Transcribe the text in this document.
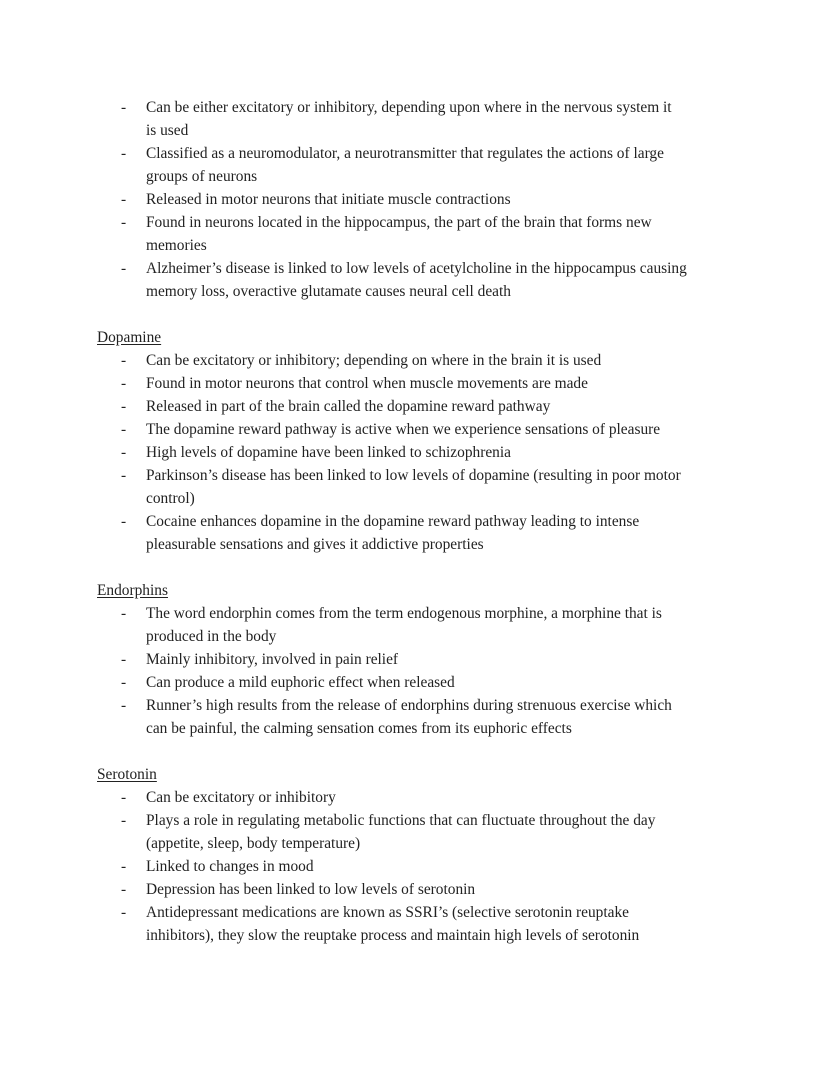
-	Can be either excitatory or inhibitory, depending upon where in the nervous system it
is used
-	Classified as a neuromodulator, a neurotransmitter that regulates the actions of large
groups of neurons
-	Released in motor neurons that initiate muscle contractions
-	Found in neurons located in the hippocampus, the part of the brain that forms new
memories
-	Alzheimer’s disease is linked to low levels of acetylcholine in the hippocampus causing
memory loss, overactive glutamate causes neural cell death
Dopamine
-	Can be excitatory or inhibitory; depending on where in the brain it is used
-	Found in motor neurons that control when muscle movements are made
-	Released in part of the brain called the dopamine reward pathway
-	The dopamine reward pathway is active when we experience sensations of pleasure
-	High levels of dopamine have been linked to schizophrenia
-	Parkinson’s disease has been linked to low levels of dopamine (resulting in poor motor
control)
-	Cocaine enhances dopamine in the dopamine reward pathway leading to intense
pleasurable sensations and gives it addictive properties
Endorphins
-	The word endorphin comes from the term endogenous morphine, a morphine that is
produced in the body
-	Mainly inhibitory, involved in pain relief
-	Can produce a mild euphoric effect when released
-	Runner’s high results from the release of endorphins during strenuous exercise which
can be painful, the calming sensation comes from its euphoric effects
Serotonin
-	Can be excitatory or inhibitory
-	Plays a role in regulating metabolic functions that can fluctuate throughout the day
(appetite, sleep, body temperature)
-	Linked to changes in mood
-	Depression has been linked to low levels of serotonin
-	Antidepressant medications are known as SSRI’s (selective serotonin reuptake
inhibitors), they slow the reuptake process and maintain high levels of serotonin
